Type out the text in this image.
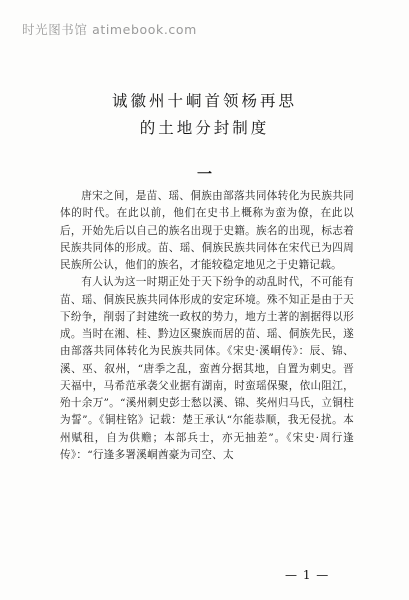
时光图书馆 atimebook.com
诚徽州十峒首领杨再思
的土地分封制度
一

唐宋之间，是苗、瑶、侗族由部落共同体转化为民族共同体的时代。在此以前，他们在史书上概称为蛮为僚，在此以后，开始先后以自己的族名出现于史籍。族名的出现，标志着民族共同体的形成。苗、瑶、侗族民族共同体在宋代已为四周民族所公认，他们的族名，才能较稳定地见之于史籍记载。

有人认为这一时期正处于天下纷争的动乱时代，不可能有苗、瑶、侗族民族共同体形成的安定环境。殊不知正是由于天下纷争，削弱了封建统一政权的势力，地方土著的割据得以形成。当时在湘、桂、黔边区聚族而居的苗、瑶、侗族先民，遂由部落共同体转化为民族共同体。《宋史·溪峒传》：辰、锦、溪、巫、叙州，“唐季之乱，蛮酋分据其地，自置为刺史。晋天福中，马希范承袭父业据有湖南，时蛮瑶保聚，依山阻江，殆十余万”。“溪州刺史彭士愁以溪、锦、奖州归马氏，立铜柱为誓”。《铜柱铭》记载：楚王承认“尔能恭顺，我无侵扰。本州赋租，自为供赡；本部兵士，亦无抽差”。《宋史·周行逢传》：“行逢多署溪峒酋豪为司空、太

— 1 —
